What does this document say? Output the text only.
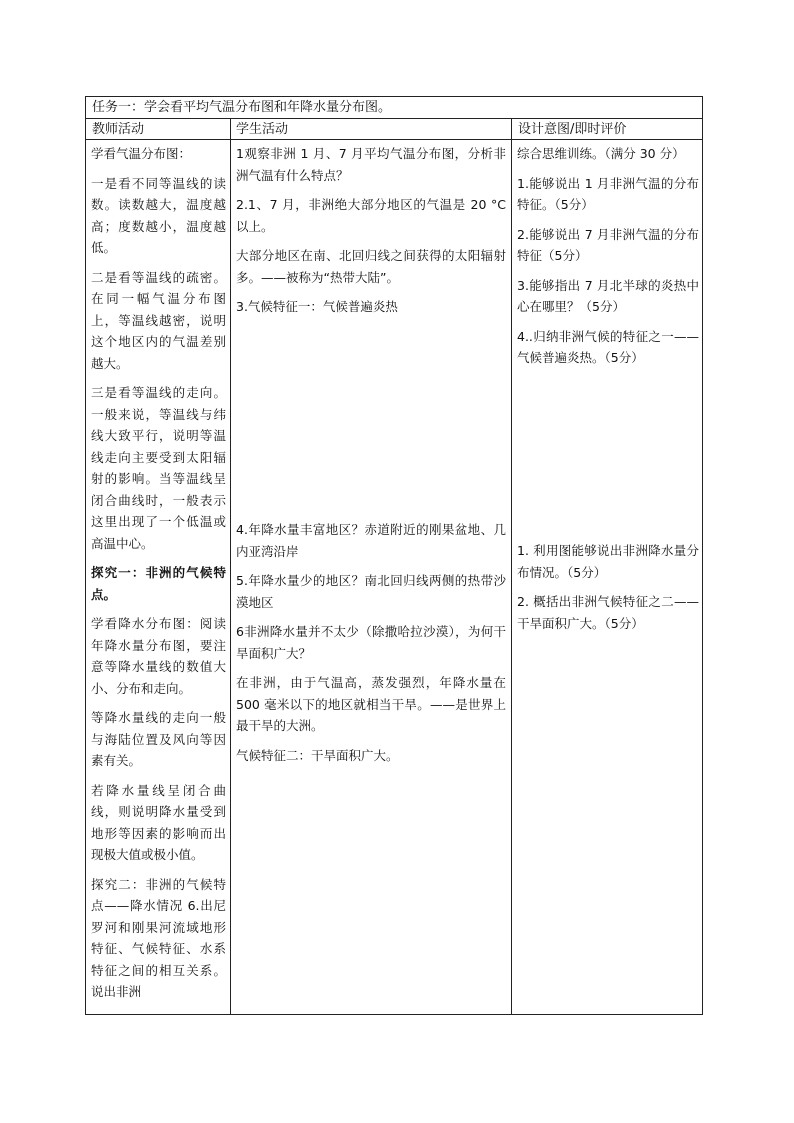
任务一：学会看平均气温分布图和年降水量分布图。
教师活动	学生活动	设计意图/即时评价

学看气温分布图：

一是看不同等温线的读数。读数越大，温度越高；度数越小，温度越低。

二是看等温线的疏密。在同一幅气温分布图上，等温线越密，说明这个地区内的气温差别越大。

三是看等温线的走向。一般来说，等温线与纬线大致平行，说明等温线走向主要受到太阳辐射的影响。当等温线呈闭合曲线时，一般表示这里出现了一个低温或高温中心。

探究一：非洲的气候特点。

学看降水分布图：阅读年降水量分布图，要注意等降水量线的数值大小、分布和走向。

等降水量线的走向一般与海陆位置及风向等因素有关。

若降水量线呈闭合曲线，则说明降水量受到地形等因素的影响而出现极大值或极小值。

探究二：非洲的气候特点——降水情况 6.出尼罗河和刚果河流域地形特征、气候特征、水系特征之间的相互关系。说出非洲

1观察非洲 1 月、7 月平均气温分布图，分析非洲气温有什么特点？

2.1、7 月，非洲绝大部分地区的气温是 20 °C 以上。

大部分地区在南、北回归线之间获得的太阳辐射多。——被称为“热带大陆”。

3.气候特征一：气候普遍炎热

4.年降水量丰富地区？赤道附近的刚果盆地、几内亚湾沿岸

5.年降水量少的地区？南北回归线两侧的热带沙漠地区

6非洲降水量并不太少（除撒哈拉沙漠），为何干旱面积广大？

在非洲，由于气温高，蒸发强烈，年降水量在 500 毫米以下的地区就相当干旱。——是世界上最干旱的大洲。

气候特征二：干旱面积广大。

综合思维训练。（满分 30 分）

1.能够说出 1 月非洲气温的分布特征。（5分）

2.能够说出 7 月非洲气温的分布特征（5分）

3.能够指出 7 月北半球的炎热中心在哪里？（5分）

4..归纳非洲气候的特征之一——气候普遍炎热。（5分）

1. 利用图能够说出非洲降水量分布情况。（5分）

2. 概括出非洲气候特征之二——干旱面积广大。（5分）
